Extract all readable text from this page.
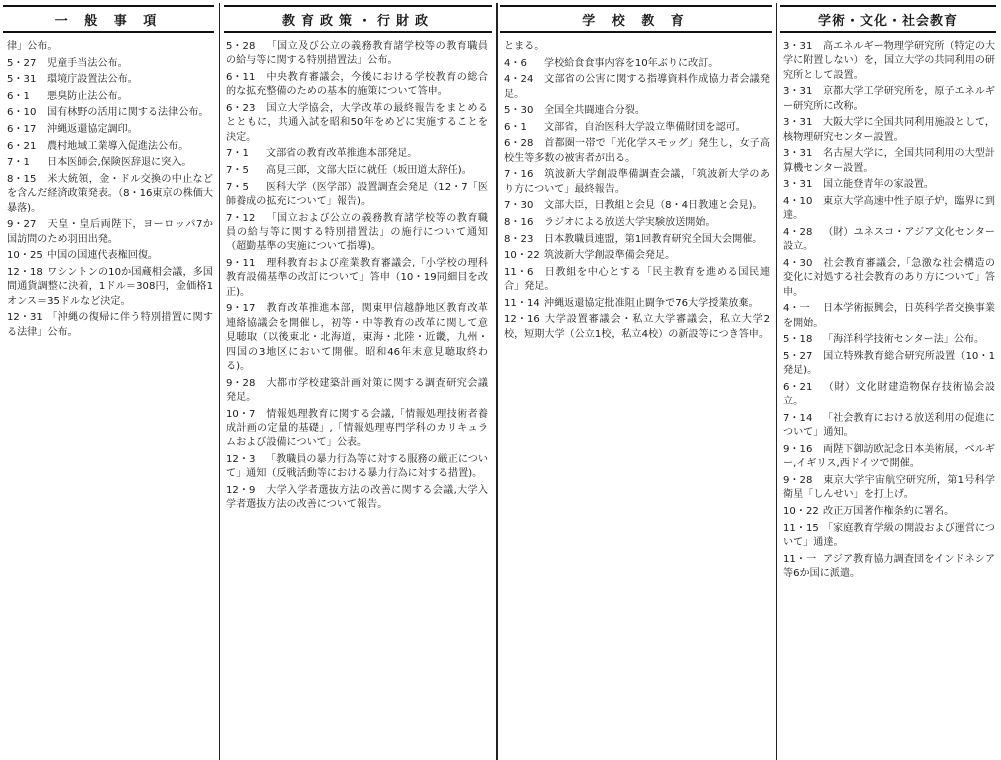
一 般 事 項	教育政策・行財政	学 校 教 育	学術・文化・社会教育
律」公布。
5・27 児童手当法公布。
5・31 環境庁設置法公布。
6・1 悪臭防止法公布。
6・10 国有林野の活用に関する法律公布。
6・17 沖縄返還協定調印。
6・21 農村地域工業導入促進法公布。
7・1 日本医師会,保険医辞退に突入。
8・15 米大統領，金・ドル交換の中止などを含んだ経済政策発表。（8・16東京の株価大暴落)。
9・27 天皇・皇后両陛下，ヨーロッパ7か国訪問のため羽田出発。
10・25 中国の国連代表権回復。
12・18 ワシントンの10か国蔵相会議，多国間通貨調整に決着，1ドル＝308円，金価格1オンス＝35ドルなど決定。
12・31 「沖縄の復帰に伴う特別措置に関する法律」公布。
5・28 「国立及び公立の義務教育諸学校等の教育職員の給与等に関する特別措置法」公布。
6・11 中央教育審議会，今後における学校教育の総合的な拡充整備のための基本的施策について答申。
6・23 国立大学協会，大学改革の最終報告をまとめるとともに，共通入試を昭和50年をめどに実施することを決定。
7・1 文部省の教育改革推進本部発足。
7・5 高見三郎，文部大臣に就任（坂田道太辞任)。
7・5 医科大学（医学部）設置調査会発足（12・7「医師養成の拡充について」報告)。
7・12 「国立および公立の義務教育諸学校等の教育職員の給与等に関する特別措置法」の施行について通知（超勤基準の実施について指導)。
9・11 理科教育および産業教育審議会,「小学校の理科教育設備基準の改訂について」答申（10・19同細目を改正)。
9・17 教育改革推進本部，関東甲信越静地区教育改革連絡協議会を開催し，初等・中等教育の改革に関して意見聴取（以後東北・北海道，東海・北陸・近畿，九州・四国の3地区において開催。昭和46年末意見聴取終わる)。
9・28 大都市学校建築計画対策に関する調査研究会議発足。
10・7 情報処理教育に関する会議,「情報処理技術者養成計画の定量的基礎」,「情報処理専門学科のカリキュラムおよび設備について」公表。
12・3 「教職員の暴力行為等に対する服務の厳正について」通知（反戦活動等における暴力行為に対する措置)。
12・9 大学入学者選抜方法の改善に関する会議,大学入学者選抜方法の改善について報告。
とまる。
4・6 学校給食食事内容を10年ぶりに改訂。
4・24 文部省の公害に関する指導資料作成協力者会議発足。
5・30 全国全共闘連合分裂。
6・1 文部省，自治医科大学設立準備財団を認可。
6・28 首都圏一帯で「光化学スモッグ」発生し，女子高校生等多数の被害者が出る。
7・16 筑波新大学創設準備調査会議，「筑波新大学のあり方について」最終報告。
7・30 文部大臣，日教組と会見（8・4日教連と会見)。
8・16 ラジオによる放送大学実験放送開始。
8・23 日本教職員連盟，第1回教育研究全国大会開催。
10・22 筑波新大学創設準備会発足。
11・6 日教組を中心とする「民主教育を進める国民連合」発足。
11・14 沖縄返還協定批准阻止闘争で76大学授業放棄。
12・16 大学設置審議会・私立大学審議会，私立大学2校，短期大学（公立1校，私立4校）の新設等につき答申。
3・31 高エネルギー物理学研究所（特定の大学に附置しない）を，国立大学の共同利用の研究所として設置。
3・31 京都大学工学研究所を，原子エネルギー研究所に改称。
3・31 大阪大学に全国共同利用施設として，核物理研究センター設置。
3・31 名古屋大学に，全国共同利用の大型計算機センター設置。
3・31 国立能登青年の家設置。
4・10 東京大学高速中性子原子炉，臨界に到達。
4・28 （財）ユネスコ・アジア文化センター設立。
4・30 社会教育審議会,「急激な社会構造の変化に対処する社会教育のあり方について」答申。
4・一 日本学術振興会，日英科学者交換事業を開始。
5・18 「海洋科学技術センター法」公布。
5・27 国立特殊教育総合研究所設置（10・1発足)。
6・21 （財）文化財建造物保存技術協会設立。
7・14 「社会教育における放送利用の促進について」通知。
9・16 両陛下御訪欧記念日本美術展，ベルギー,イギリス,西ドイツで開催。
9・28 東京大学宇宙航空研究所，第1号科学衛星「しんせい」を打上げ。
10・22 改正万国著作権条約に署名。
11・15 「家庭教育学級の開設および運営について」通達。
11・一 アジア教育協力調査団をインドネシア等6か国に派遣。
